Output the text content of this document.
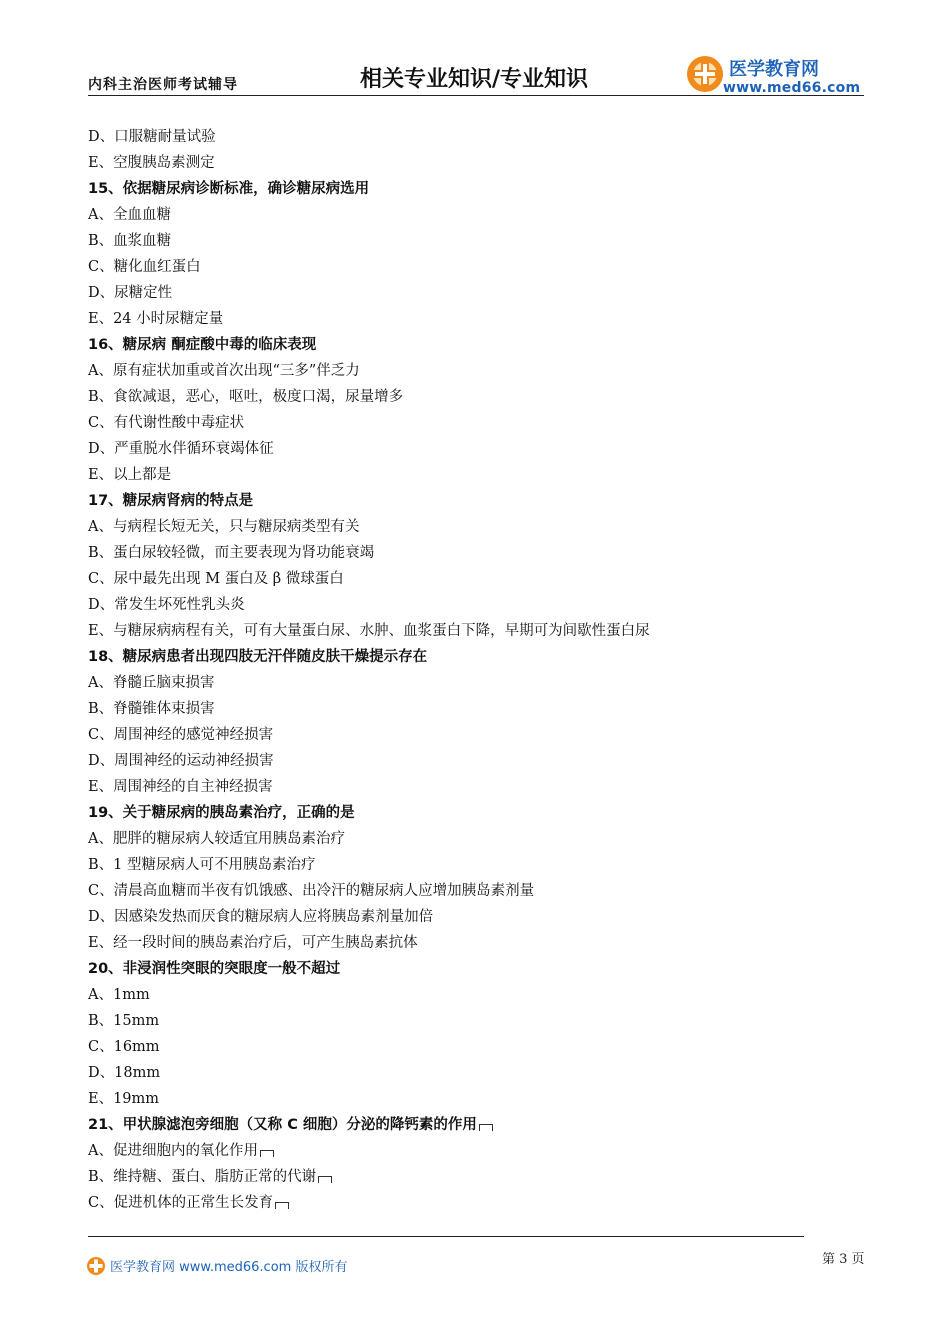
内科主治医师考试辅导	相关专业知识/专业知识	医学教育网
www.med66.com
D、口服糖耐量试验
E、空腹胰岛素测定
15、依据糖尿病诊断标准，确诊糖尿病选用
A、全血血糖
B、血浆血糖
C、糖化血红蛋白
D、尿糖定性
E、24 小时尿糖定量
16、糖尿病 酮症酸中毒的临床表现
A、原有症状加重或首次出现“三多”伴乏力
B、食欲减退，恶心，呕吐，极度口渴，尿量增多
C、有代谢性酸中毒症状
D、严重脱水伴循环衰竭体征
E、以上都是
17、糖尿病肾病的特点是
A、与病程长短无关，只与糖尿病类型有关
B、蛋白尿较轻微，而主要表现为肾功能衰竭
C、尿中最先出现 M 蛋白及 β 微球蛋白
D、常发生坏死性乳头炎
E、与糖尿病病程有关，可有大量蛋白尿、水肿、血浆蛋白下降，早期可为间歇性蛋白尿
18、糖尿病患者出现四肢无汗伴随皮肤干燥提示存在
A、脊髓丘脑束损害
B、脊髓锥体束损害
C、周围神经的感觉神经损害
D、周围神经的运动神经损害
E、周围神经的自主神经损害
19、关于糖尿病的胰岛素治疗，正确的是
A、肥胖的糖尿病人较适宜用胰岛素治疗
B、1 型糖尿病人可不用胰岛素治疗
C、清晨高血糖而半夜有饥饿感、出冷汗的糖尿病人应增加胰岛素剂量
D、因感染发热而厌食的糖尿病人应将胰岛素剂量加倍
E、经一段时间的胰岛素治疗后，可产生胰岛素抗体
20、非浸润性突眼的突眼度一般不超过
A、1mm
B、15mm
C、16mm
D、18mm
E、19mm
21、甲状腺滤泡旁细胞（又称 C 细胞）分泌的降钙素的作用
A、促进细胞内的氧化作用
B、维持糖、蛋白、脂肪正常的代谢
C、促进机体的正常生长发育
医学教育网 www.med66.com 版权所有
第 3 页
